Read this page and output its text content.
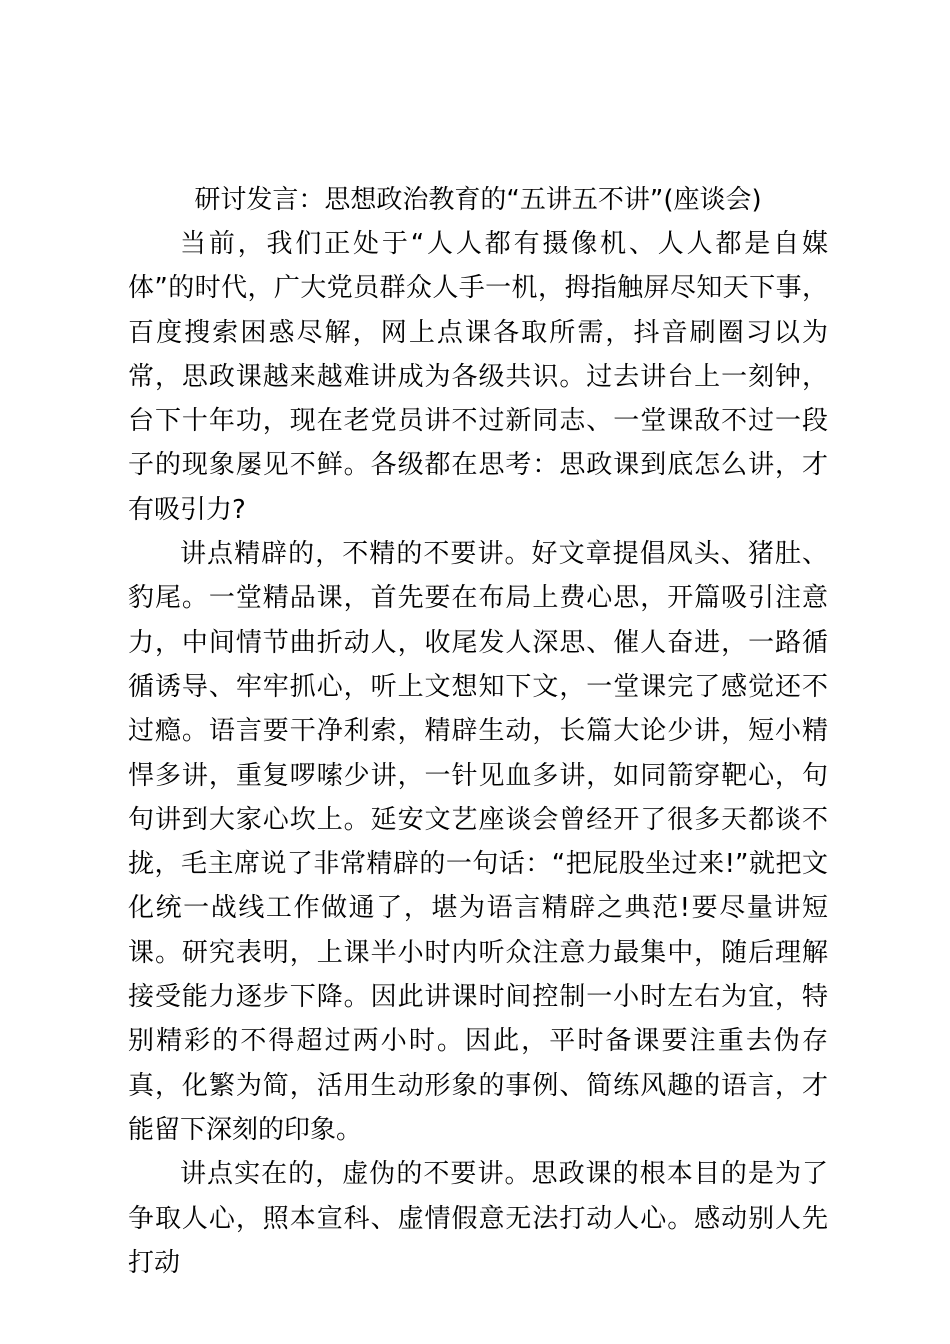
研讨发言：思想政治教育的“五讲五不讲”(座谈会)

当前，我们正处于“人人都有摄像机、人人都是自媒体”的时代，广大党员群众人手一机，拇指触屏尽知天下事，百度搜索困惑尽解，网上点课各取所需，抖音刷圈习以为常，思政课越来越难讲成为各级共识。过去讲台上一刻钟，台下十年功，现在老党员讲不过新同志、一堂课敌不过一段子的现象屡见不鲜。各级都在思考：思政课到底怎么讲，才有吸引力?

讲点精辟的，不精的不要讲。好文章提倡凤头、猪肚、豹尾。一堂精品课，首先要在布局上费心思，开篇吸引注意力，中间情节曲折动人，收尾发人深思、催人奋进，一路循循诱导、牢牢抓心，听上文想知下文，一堂课完了感觉还不过瘾。语言要干净利索，精辟生动，长篇大论少讲，短小精悍多讲，重复啰嗦少讲，一针见血多讲，如同箭穿靶心，句句讲到大家心坎上。延安文艺座谈会曾经开了很多天都谈不拢，毛主席说了非常精辟的一句话：“把屁股坐过来!”就把文化统一战线工作做通了，堪为语言精辟之典范!要尽量讲短课。研究表明，上课半小时内听众注意力最集中，随后理解接受能力逐步下降。因此讲课时间控制一小时左右为宜，特别精彩的不得超过两小时。因此，平时备课要注重去伪存真，化繁为简，活用生动形象的事例、简练风趣的语言，才能留下深刻的印象。

讲点实在的，虚伪的不要讲。思政课的根本目的是为了争取人心，照本宣科、虚情假意无法打动人心。感动别人先打动
